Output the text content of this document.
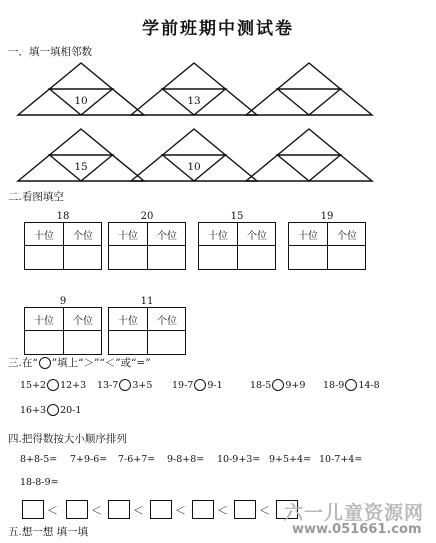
学前班期中测试卷
一．填一填相邻数
10	13
15	10
二.看图填空
18
十位	个位
20
十位	个位
15
十位	个位
19
十位	个位
9
十位	个位
11
十位	个位
三.在“ ”填上“＞”“＜”或“=”
15+2 12+3 13-7 3+5 19-7 9-1	18-5 9+9 18-9 14-8
16+3 20-1
四.把得数按大小顺序排列
8+8-5= 7+9-6= 7-6+7= 9-8+8= 10-9+3= 9+5+4= 10-7+4=
18-8-9=
＜	＜	＜	＜	＜	＜
五.想一想 填一填
六一儿童资源网
www.051661.com
